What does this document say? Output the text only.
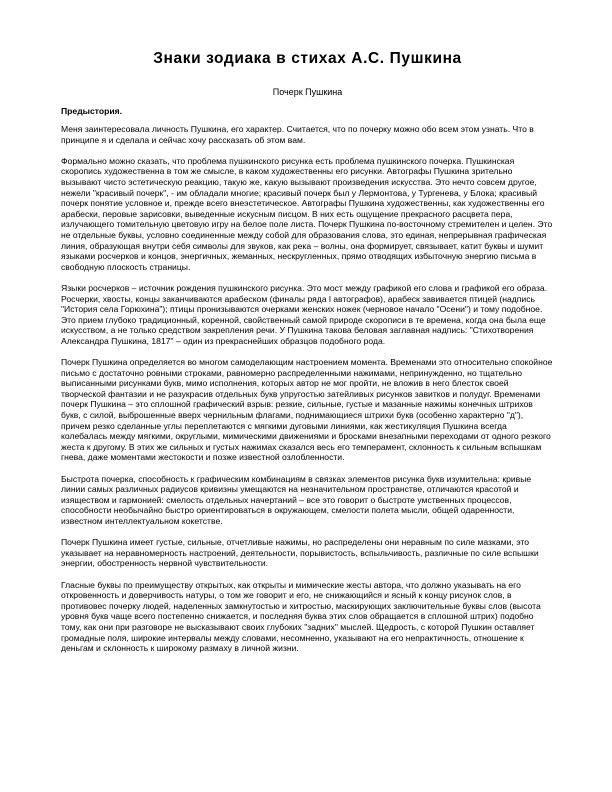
Знаки зодиака в стихах А.С. Пушкина
Почерк Пушкина
Предыстория.

Меня заинтересовала личность Пушкина, его характер. Считается, что по почерку можно обо всем этом узнать. Что в принципе я и сделала и сейчас хочу рассказать об этом вам.

Формально можно сказать, что проблема пушкинского рисунка есть проблема пушкинского почерка. Пушкинская скоропись художественна в том же смысле, в каком художественны его рисунки. Автографы Пушкина зрительно вызывают чисто эстетическую реакцию, такую же, какую вызывают произведения искусства. Это нечто совсем другое, нежели "красивый почерк", - им обладали многие; красивый почерк был у Лермонтова, у Тургенева, у Блока; красивый почерк понятие условное и, прежде всего внеэстетическое. Автографы Пушкина художественны, как художественны его арабески, перовые зарисовки, выведенные искусным писцом. В них есть ощущение прекрасного расцвета пера, излучающего томительную цветовую игру на белое поле листа. Почерк Пушкина по-восточному стремителен и целен. Это не отдельные буквы, условно соединенные между собой для образования слова, это единая, непрерывная графическая линия, образующая внутри себя символы для звуков, как река – волны, она формирует, связывает, катит буквы и шумит языками росчерков и концов, энергичных, жеманных, нескругленных, прямо отводящих избыточную энергию письма в свободную плоскость страницы.

Языки росчерков – источник рождения пушкинского рисунка. Это мост между графикой его слова и графикой его образа. Росчерки, хвосты, концы заканчиваются арабеском (финалы ряда l автографов), арабеск завивается птицей (надпись "История села Горюхина"); птицы пронизываются очерками женских ножек (черновое начало "Осени") и тому подобное. Это прием глубоко традиционный, коренной, свойственный самой природе скорописи в те времена, когда она была еще искусством, а не только средством закрепления речи. У Пушкина такова беловая заглавная надпись: "Стихотворения Александра Пушкина, 1817" – один из прекраснейших образцов подобного рода.

Почерк Пушкина определяется во многом самоделающим настроением момента. Временами это относительно спокойное письмо с достаточно ровными строками, равномерно распределенными нажимами, непринужденно, но тщательно выписанными рисунками букв, мимо исполнения, которых автор не мог пройти, не вложив в него блесток своей творческой фантазии и не разукрасив отдельных букв упругостью затейливых рисунков завитков и полудуг. Временами почерк Пушкина – это сплошной графический взрыв: резкие, сильные, густые и мазанные нажимы конечных штрихов букв, с силой, выброшенные вверх чернильным флагами, поднимающиеся штрихи букв (особенно характерно "д"), причем резко сделанные углы переплетаются с мягкими дуговыми линиями, как жестикуляция Пушкина всегда колебалась между мягкими, округлыми, мимическими движениями и бросками внезапными переходами от одного резкого жеста к другому. В этих же сильных и густых нажимах сказался весь его темперамент, склонность к сильным вспышкам гнева, даже моментами жестокости и позже известной озлобленности.

Быстрота почерка, способность к графическим комбинациям в связках элементов рисунка букв изумительна: кривые линии самых различных радиусов кривизны умещаются на незначительном пространстве, отличаются красотой и изяществом и гармонией: смелость отдельных начертаний – все это говорит о быстроте умственных процессов, способности необычайно быстро ориентироваться в окружающем, смелости полета мысли, общей одаренности, известном интеллектуальном кокетстве.

Почерк Пушкина имеет густые, сильные, отчетливые нажимы, но распределены они неравным по силе мазками, это указывает на неравномерность настроений, деятельности, порывистость, вспыльчивость, различные по силе вспышки энергии, обостренность нервной чувствительности.

Гласные буквы по преимуществу открытых, как открыты и мимические жесты автора, что должно указывать на его откровенность и доверчивость натуры, о том же говорит и его, не снижающийся и ясный к концу рисунок слов, в противовес почерку людей, наделенных замкнутостью и хитростью, маскирующих заключительные буквы слов (высота уровня букв чаще всего постепенно снижается, и последняя буква этих слов обращается в сплошной штрих) подобно тому, как они при разговоре не высказывают своих глубоких "задних" мыслей. Щедрость, с которой Пушкин оставляет громадные поля, широкие интервалы между словами, несомненно, указывают на его непрактичность, отношение к деньгам и склонность к широкому размаху в личной жизни.
